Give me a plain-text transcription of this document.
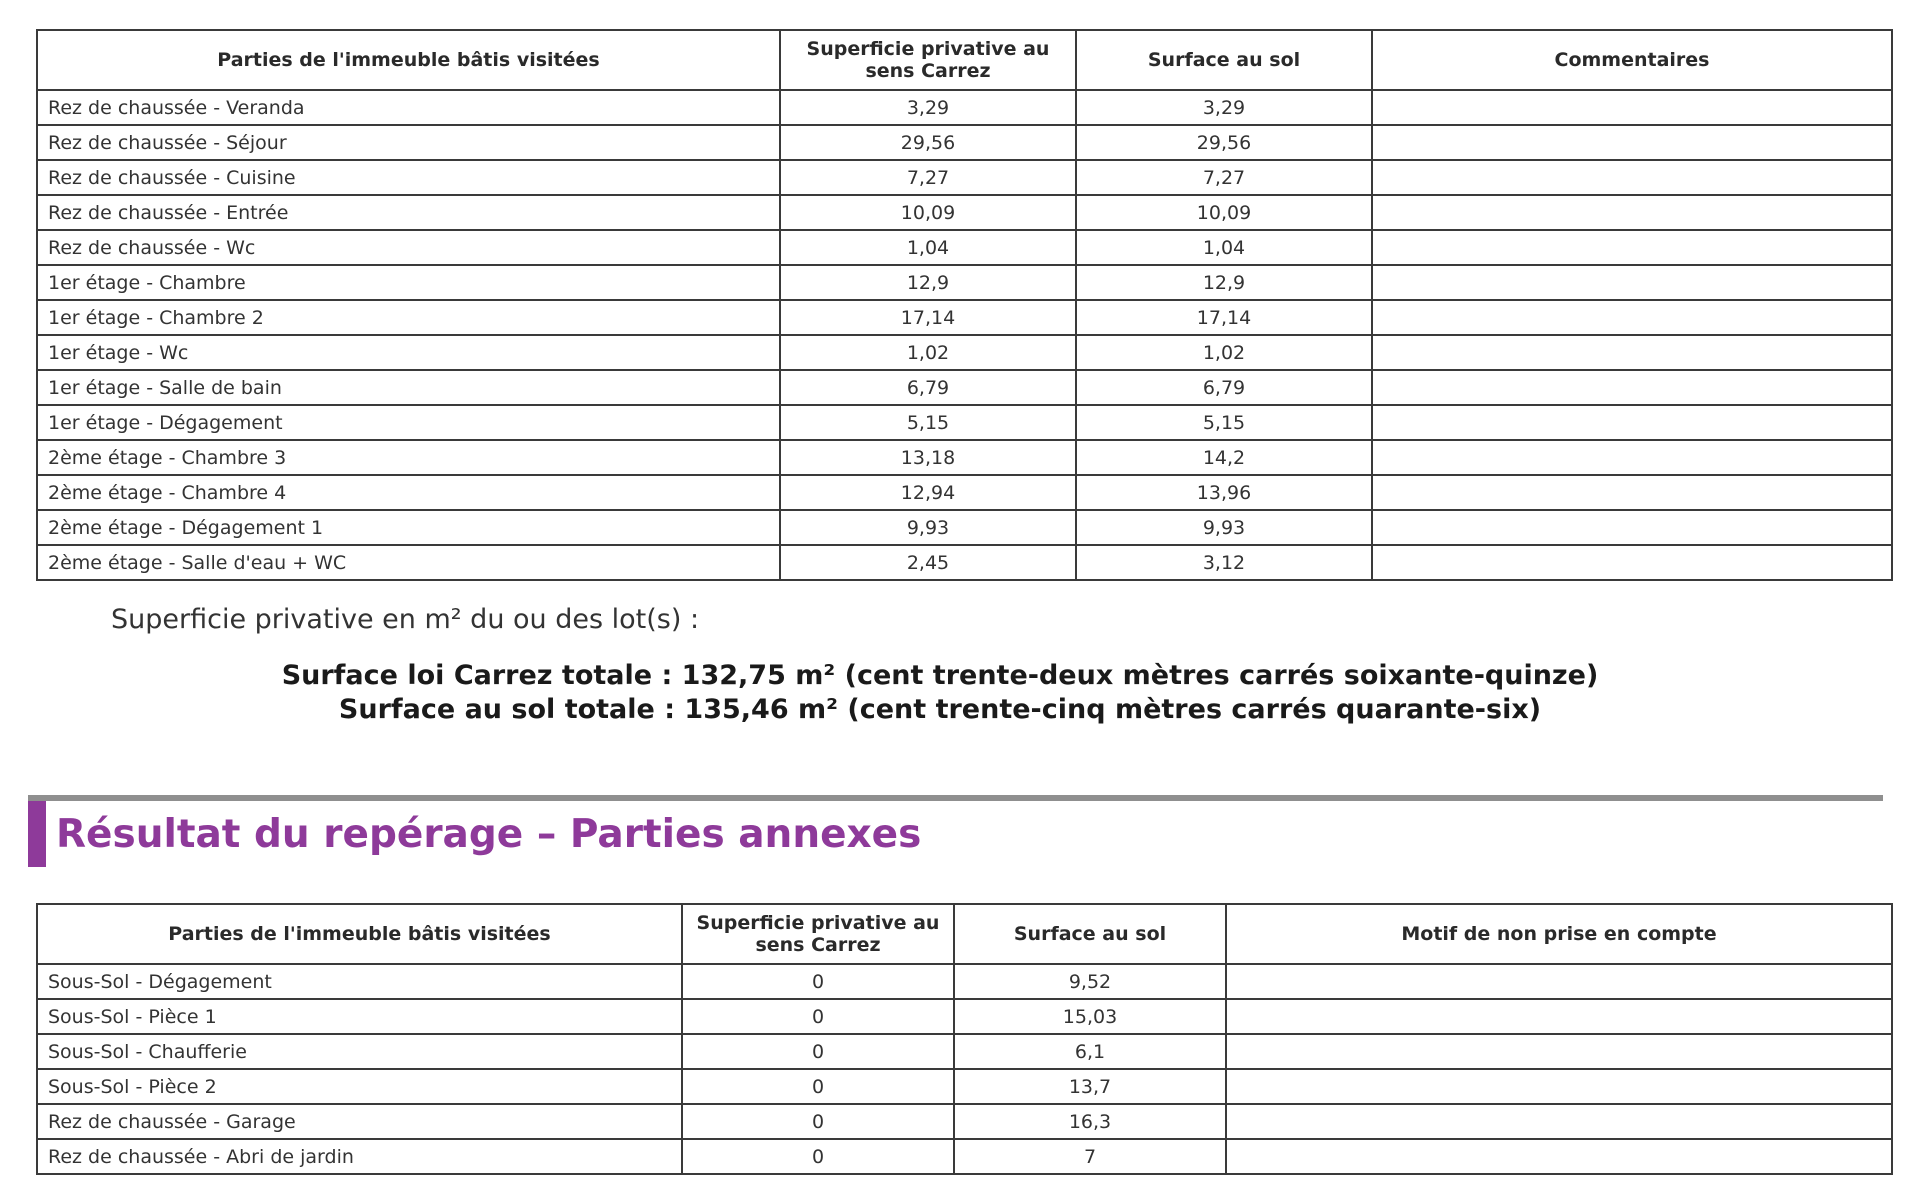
Parties de l'immeuble bâtis visitées	Superficie privative au sens Carrez	Surface au sol	Commentaires
Rez de chaussée - Veranda	3,29	3,29	
Rez de chaussée - Séjour	29,56	29,56	
Rez de chaussée - Cuisine	7,27	7,27	
Rez de chaussée - Entrée	10,09	10,09	
Rez de chaussée - Wc	1,04	1,04	
1er étage - Chambre	12,9	12,9	
1er étage - Chambre 2	17,14	17,14	
1er étage - Wc	1,02	1,02	
1er étage - Salle de bain	6,79	6,79	
1er étage - Dégagement	5,15	5,15	
2ème étage - Chambre 3	13,18	14,2	
2ème étage - Chambre 4	12,94	13,96	
2ème étage - Dégagement 1	9,93	9,93	
2ème étage - Salle d'eau + WC	2,45	3,12	
Superficie privative en m² du ou des lot(s) :
Surface loi Carrez totale : 132,75 m² (cent trente-deux mètres carrés soixante-quinze)
Surface au sol totale : 135,46 m² (cent trente-cinq mètres carrés quarante-six)
Résultat du repérage – Parties annexes
Parties de l'immeuble bâtis visitées	Superficie privative au sens Carrez	Surface au sol	Motif de non prise en compte
Sous-Sol - Dégagement	0	9,52	
Sous-Sol - Pièce 1	0	15,03	
Sous-Sol - Chaufferie	0	6,1	
Sous-Sol - Pièce 2	0	13,7	
Rez de chaussée - Garage	0	16,3	
Rez de chaussée - Abri de jardin	0	7	
